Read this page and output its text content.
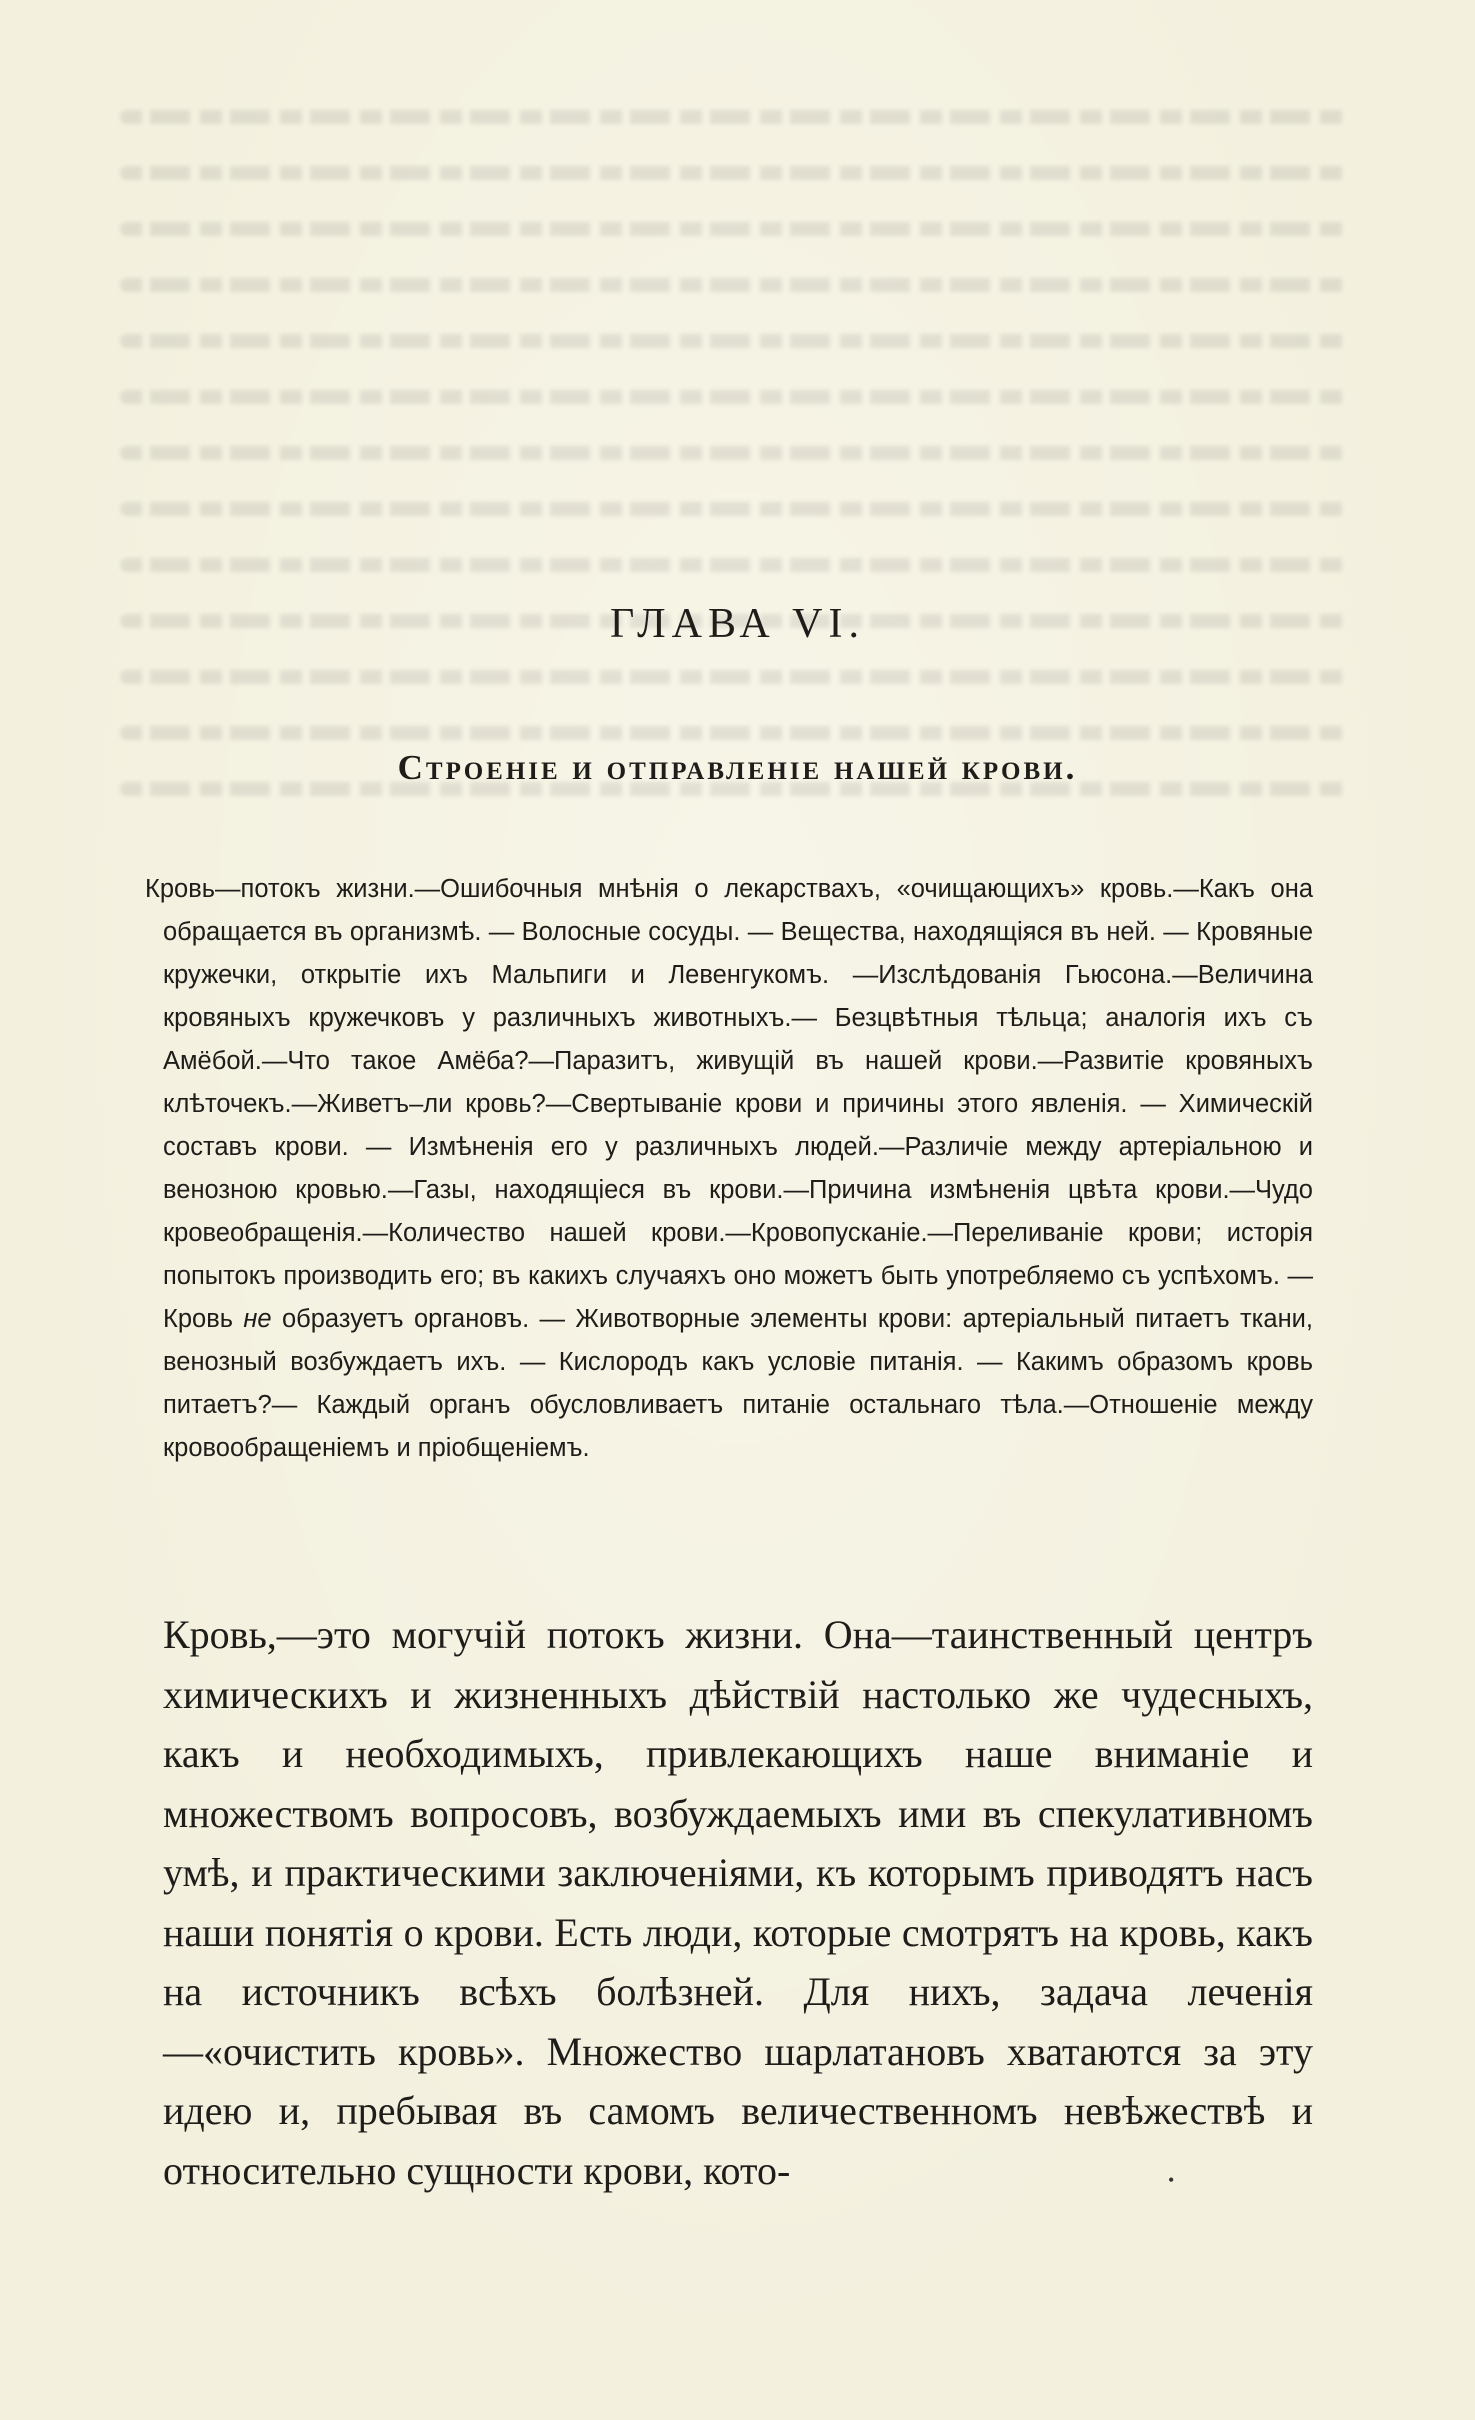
ГЛАВА VI.
Строеніе и отправленіе нашей крови.

Кровь—потокъ жизни.—Ошибочныя мнѣнія о лекарствахъ, «очищающихъ» кровь.—Какъ она обращается въ организмѣ. — Волосные сосуды. — Вещества, находящіяся въ ней. — Кровяные кружечки, открытіе ихъ Мальпиги и Левенгукомъ. —Изслѣдованія Гьюсона.—Величина кровяныхъ кружечковъ у различныхъ животныхъ.— Безцвѣтныя тѣльца; аналогія ихъ съ Амёбой.—Что такое Амёба?—Паразитъ, живущій въ нашей крови.—Развитіе кровяныхъ клѣточекъ.—Живетъ–ли кровь?—Свертываніе крови и причины этого явленія. — Химическій составъ крови. — Измѣненія его у различныхъ людей.—Различіе между артеріальною и венозною кровью.—Газы, находящіеся въ крови.—Причина измѣненія цвѣта крови.—Чудо кровеобращенія.—Количество нашей крови.—Кровопусканіе.—Переливаніе крови; исторія попытокъ производить его; въ какихъ случаяхъ оно можетъ быть употребляемо съ успѣхомъ. — Кровь не образуетъ органовъ. — Животворные элементы крови: артеріальный питаетъ ткани, венозный возбуждаетъ ихъ. — Кислородъ какъ условіе питанія. — Какимъ образомъ кровь питаетъ?— Каждый органъ обусловливаетъ питаніе остальнаго тѣла.—Отношеніе между кровообращеніемъ и пріобщеніемъ.

Кровь,—это могучій потокъ жизни. Она—таинственный центръ химическихъ и жизненныхъ дѣйствій настолько же чудесныхъ, какъ и необходимыхъ, привлекающихъ наше вниманіе и множествомъ вопросовъ, возбуждаемыхъ ими въ спекулативномъ умѣ, и практическими заключеніями, къ которымъ приводятъ насъ наши понятія о крови. Есть люди, которые смотрятъ на кровь, какъ на источникъ всѣхъ болѣзней. Для нихъ, задача леченія—«очистить кровь». Множество шарлатановъ хватаются за эту идею и, пребывая въ самомъ величественномъ невѣжествѣ и относительно сущности крови, кото-	•
